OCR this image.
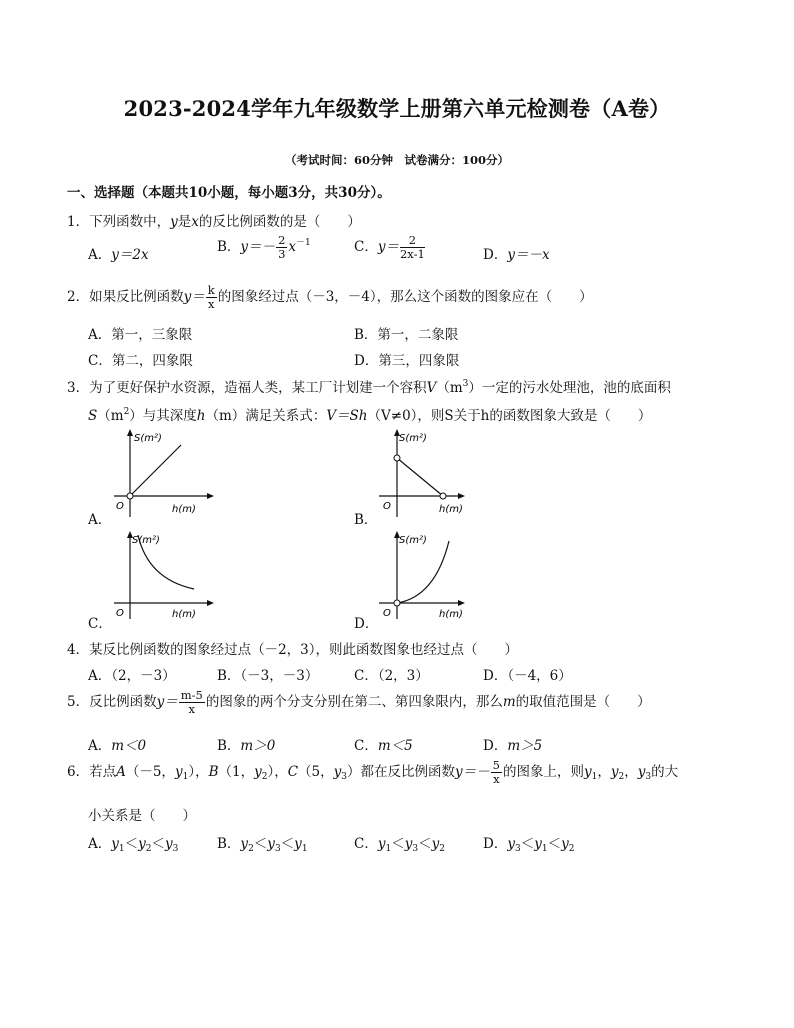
2023-2024学年九年级数学上册第六单元检测卷（A卷）
（考试时间：60分钟　试卷满分：100分）
一、选择题（本题共10小题，每小题3分，共30分）。
1．下列函数中，y是x的反比例函数的是（　　）
A．y＝2x	B．$y=- \frac{2}{3} x^{-1}$	C．$y= \frac{2}{2x-1}$	D．y＝－x
2．如果反比例函数$y= \frac{k}{x}$ 的图象经过点（－3，－4），那么这个函数的图象应在（　　）
A．第一，三象限	B．第一，二象限
C．第二，四象限	D．第三，四象限
3．为了更好保护水资源，造福人类，某工厂计划建一个容积$V(m^3)$一定的污水处理池，池的底面积
$S(m^2)$与其深度h（m）满足关系式：V＝Sh（V≠0），则S关于h的函数图象大致是（　　）
A．	B．
C．	D．
S(m²)
O	h(m)
S(m²)
O	h(m)
S(m²)
O	h(m)
S(m²)
O	h(m)
4．某反比例函数的图象经过点（－2，3），则此函数图象也经过点（　　）
A．（2，－3）	B．（－3，－3）	C．（2，3）	D．（－4，6）
5．反比例函数$y= \frac{m-5}{x}$ 的图象的两个分支分别在第二、第四象限内，那么m的取值范围是（　　）
A．m＜0	B．m＞0	C．m＜5	D．m＞5
6．若点A（－5，$y_1$），B（1，$y_2$），C（5，$y_3$）都在反比例函数$y=- \frac{5}{x}$ 的图象上，则$y_1$，$y_2$，$y_3$的大
小关系是（　　）
A．$y_1<y_2<y_3$	B．$y_2<y_3<y_1$	C．$y_1<y_3<y_2$	D．$y_3<y_1<y_2$
